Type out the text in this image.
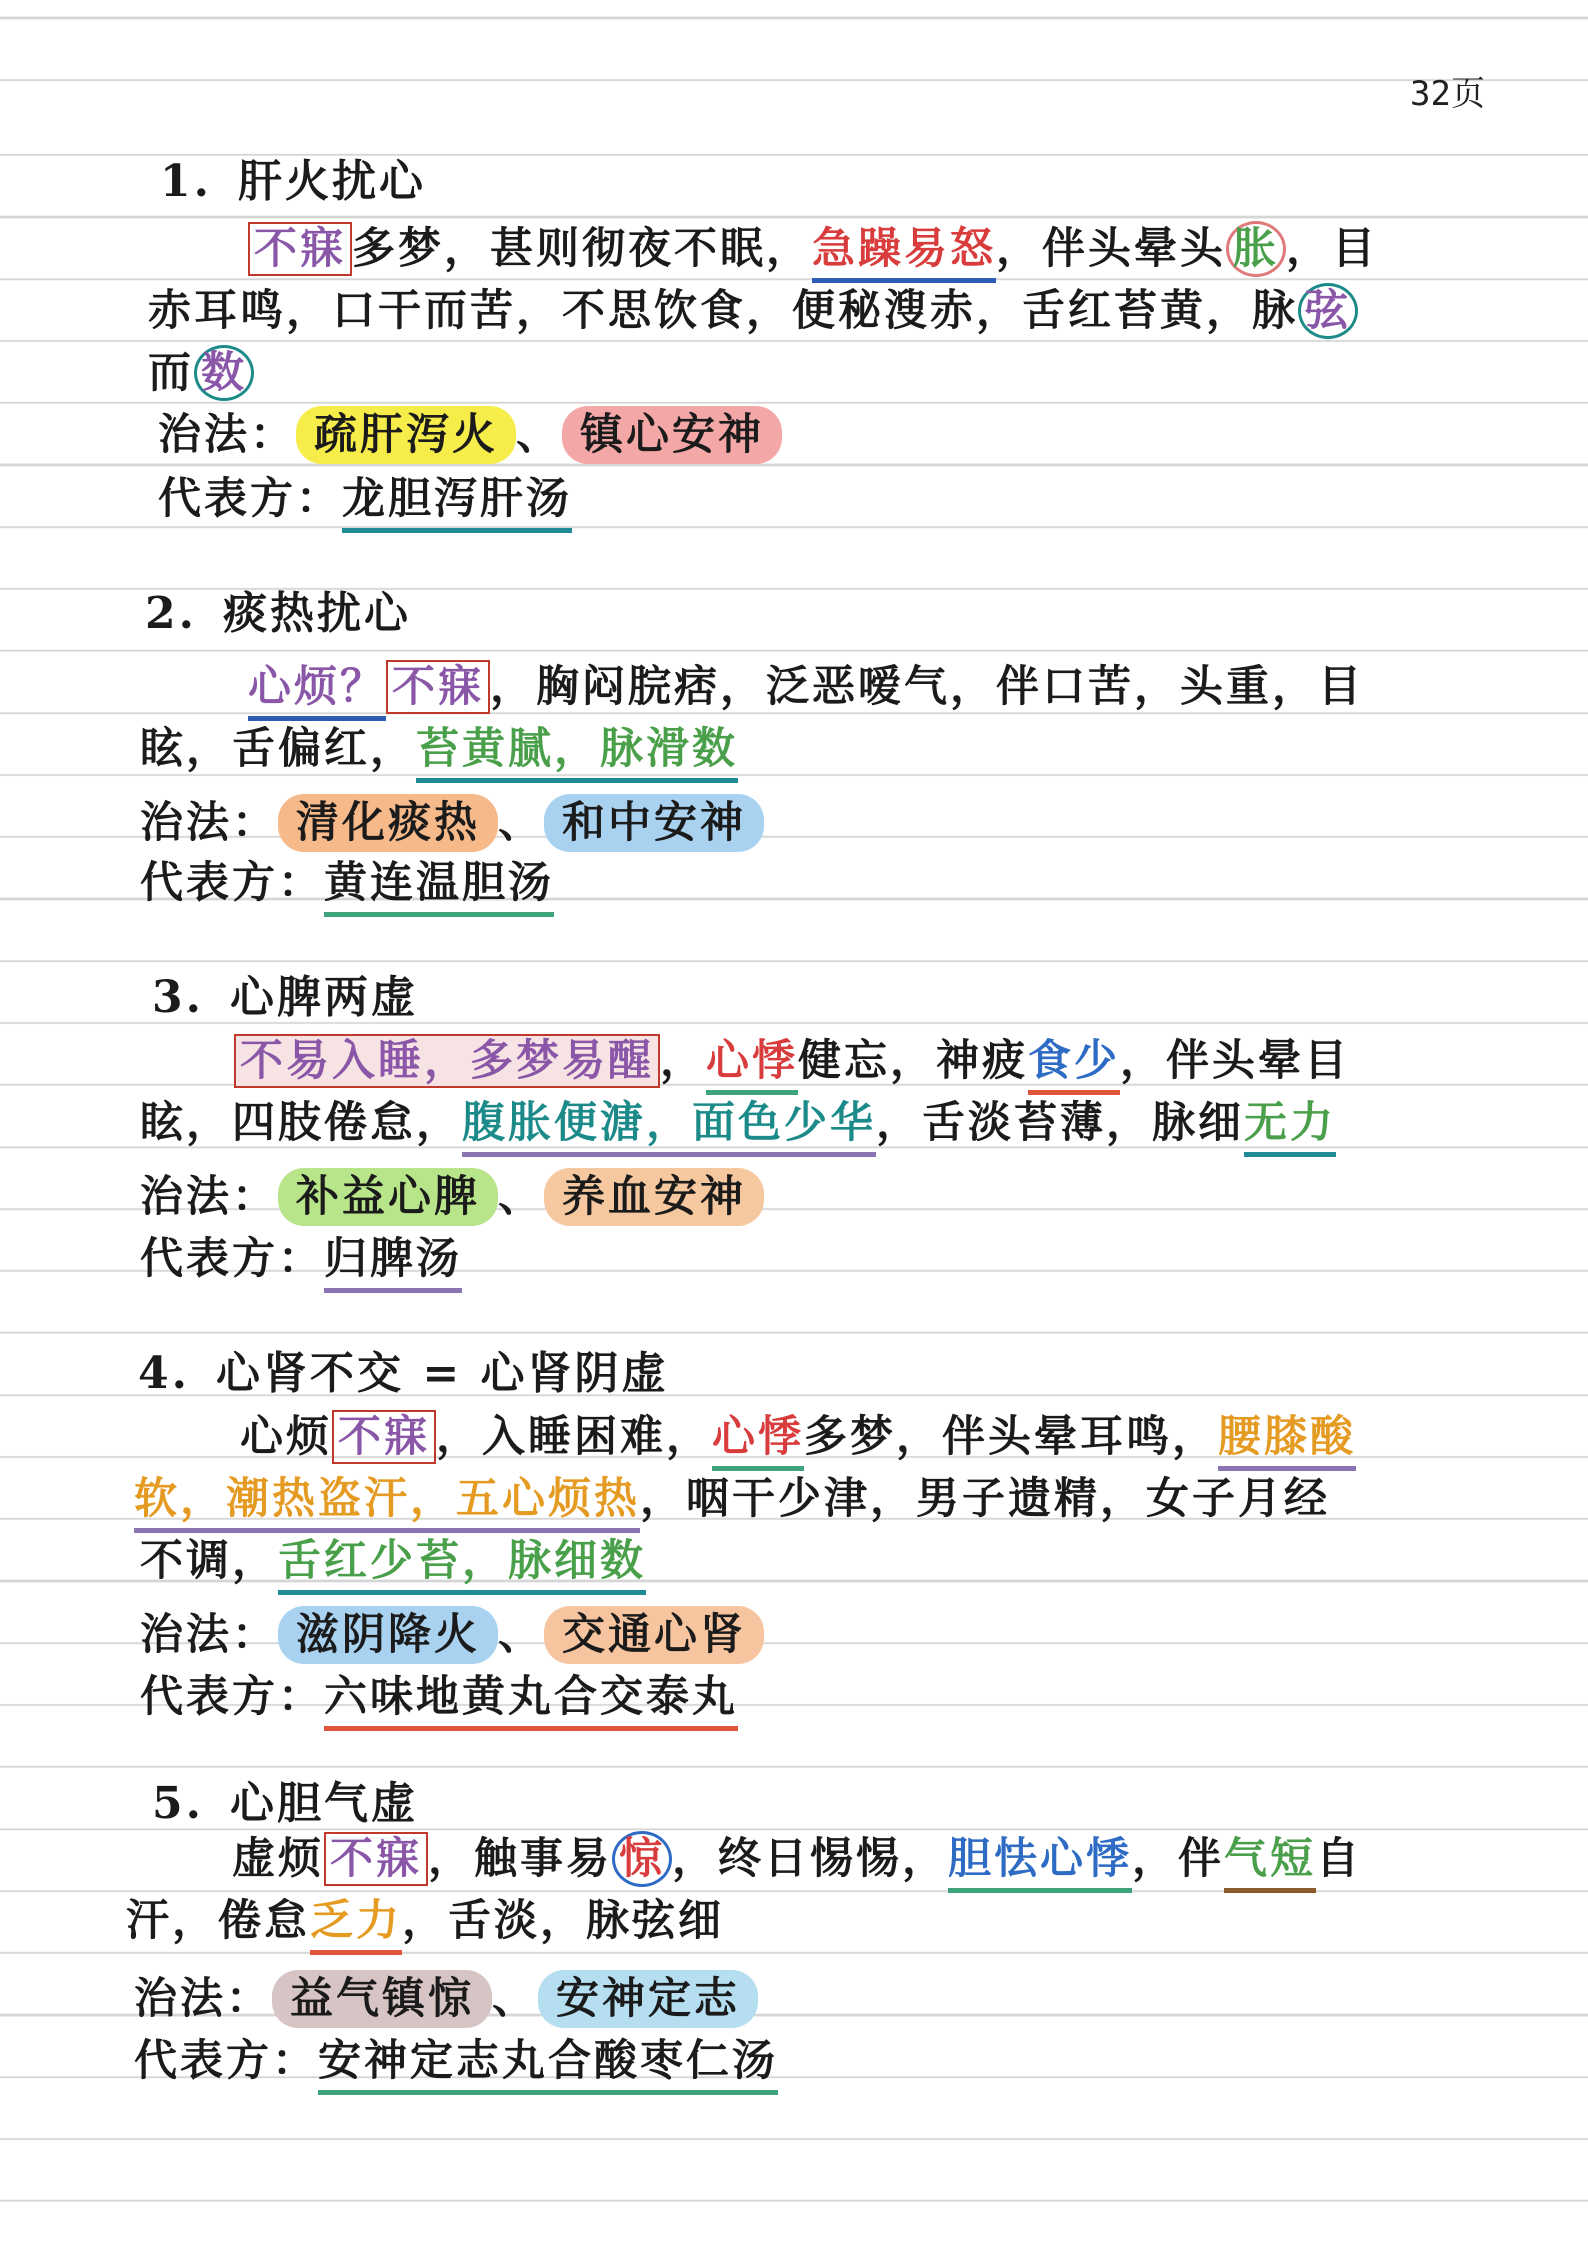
32页
1. 肝火扰心
不寐 多梦，甚则彻夜不眠，急躁易怒，伴头晕头 胀 ，目
赤耳鸣，口干而苦，不思饮食，便秘溲赤，舌红苔黄，脉 弦
而 数
治法： 疏肝泻火 、 镇心安神
代表方：龙胆泻肝汤
2. 痰热扰心
心烦？ 不寐 ，胸闷脘痞，泛恶嗳气，伴口苦，头重，目
眩，舌偏红，苔黄腻，脉滑数
治法： 清化痰热 、 和中安神
代表方：黄连温胆汤
3. 心脾两虚
不易入睡，多梦易醒 ，心悸健忘，神疲食少，伴头晕目
眩，四肢倦怠，腹胀便溏，面色少华，舌淡苔薄，脉细无力
治法： 补益心脾 、 养血安神
代表方：归脾汤
4. 心肾不交 = 心肾阴虚
心烦 不寐 ，入睡困难，心悸多梦，伴头晕耳鸣，腰膝酸
软，潮热盗汗，五心烦热，咽干少津，男子遗精，女子月经
不调，舌红少苔，脉细数
治法： 滋阴降火 、 交通心肾
代表方：六味地黄丸合交泰丸
5. 心胆气虚
虚烦 不寐 ，触事易 惊 ，终日惕惕，胆怯心悸，伴气短自
汗，倦怠乏力，舌淡，脉弦细
治法： 益气镇惊 、 安神定志
代表方：安神定志丸合酸枣仁汤
